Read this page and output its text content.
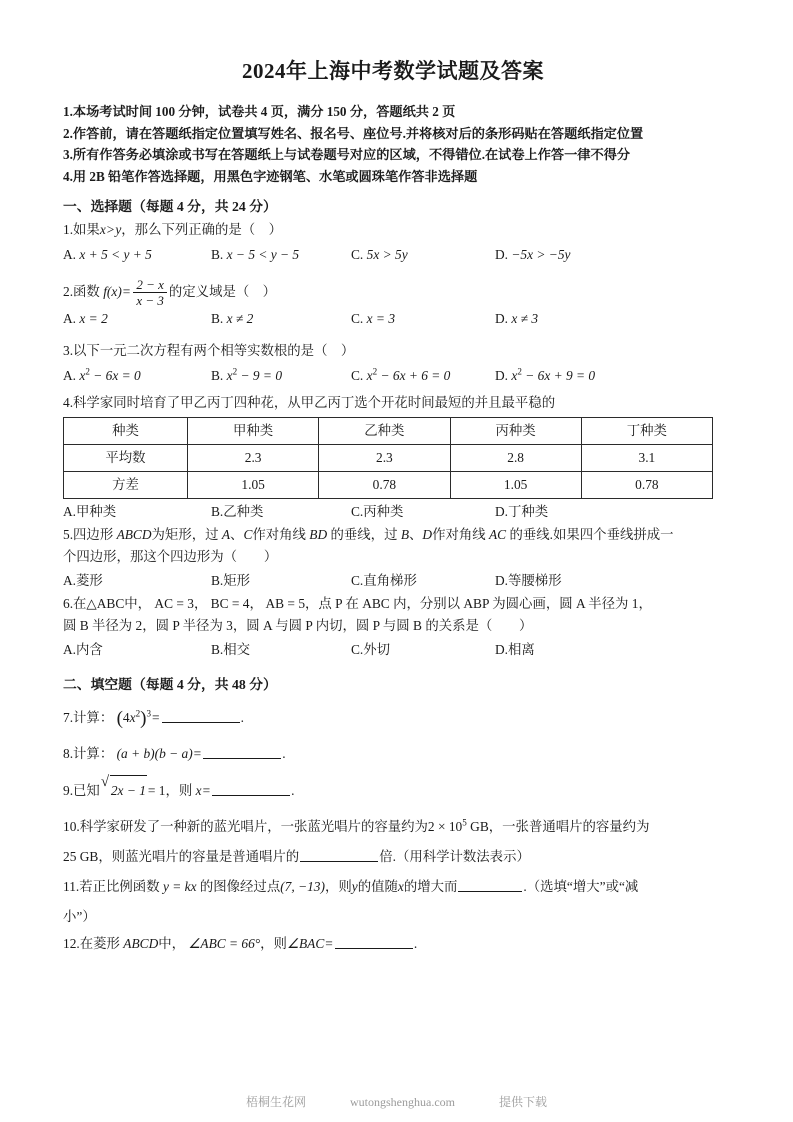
2024年上海中考数学试题及答案

1.本场考试时间 100 分钟，试卷共 4 页，满分 150 分，答题纸共 2 页

2.作答前，请在答题纸指定位置填写姓名、报名号、座位号.并将核对后的条形码贴在答题纸指定位置

3.所有作答务必填涂或书写在答题纸上与试卷题号对应的区域，不得错位.在试卷上作答一律不得分

4.用 2B 铅笔作答选择题，用黑色字迹钢笔、水笔或圆珠笔作答非选择题

一、选择题（每题 4 分，共 24 分）

1.如果x>y，那么下列正确的是（ ）

A. x + 5 < y + 5	B. x − 5 < y − 5	C. 5x > 5y	D. −5x > −5y

2.函数 $f(x)= \frac{2 - x}{x - 3}$ 的定义域是（ ）

A. x = 2	B. x ≠ 2	C. x = 3	D. x ≠ 3

3.以下一元二次方程有两个相等实数根的是（ ）

A. $x^2 - 6x = 0$	B. $x^2 - 9 = 0$	C. $x^2 - 6x + 6 = 0$	D. $x^2 - 6x + 9 = 0$

4.科学家同时培育了甲乙丙丁四种花，从甲乙丙丁选个开花时间最短的并且最平稳的

种类	甲种类	乙种类	丙种类	丁种类
平均数	2.3	2.3	2.8	3.1
方差	1.05	0.78	1.05	0.78
A.甲种类	B.乙种类	C.丙种类	D.丁种类

5.四边形 ABCD为矩形，过 A、C作对角线 BD 的垂线，过 B、D作对角线 AC 的垂线.如果四个垂线拼成一

个四边形，那这个四边形为（　　）

A.菱形	B.矩形	C.直角梯形	D.等腰梯形

6.在△ABC中， AC = 3， BC = 4， AB = 5，点 P 在 ABC 内，分别以 ABP 为圆心画，圆 A 半径为 1，

圆 B 半径为 2，圆 P 半径为 3，圆 A 与圆 P 内切，圆 P 与圆 B 的关系是（　　）

A.内含	B.相交	C.外切	D.相离
二、填空题（每题 4 分，共 48 分）

7.计算： $(4x^2)^3=$	.

8.计算： (a + b)(b − a)=	.

9.已知
√
2x − 1 = 1，则 x=	.

10.科学家研发了一种新的蓝光唱片，一张蓝光唱片的容量约为$2 \times 10^5$ GB，一张普通唱片的容量约为

25 GB，则蓝光唱片的容量是普通唱片的	倍.（用科学计数法表示）

11.若正比例函数 y = kx 的图像经过点(7, −13)，则y的值随x的增大而	.（选填“增大”或“减

小”）

12.在菱形 ABCD中， ∠ABC = 66°，则∠BAC=	.

梧桐生花网	wutongshenghua.com	提供下载
